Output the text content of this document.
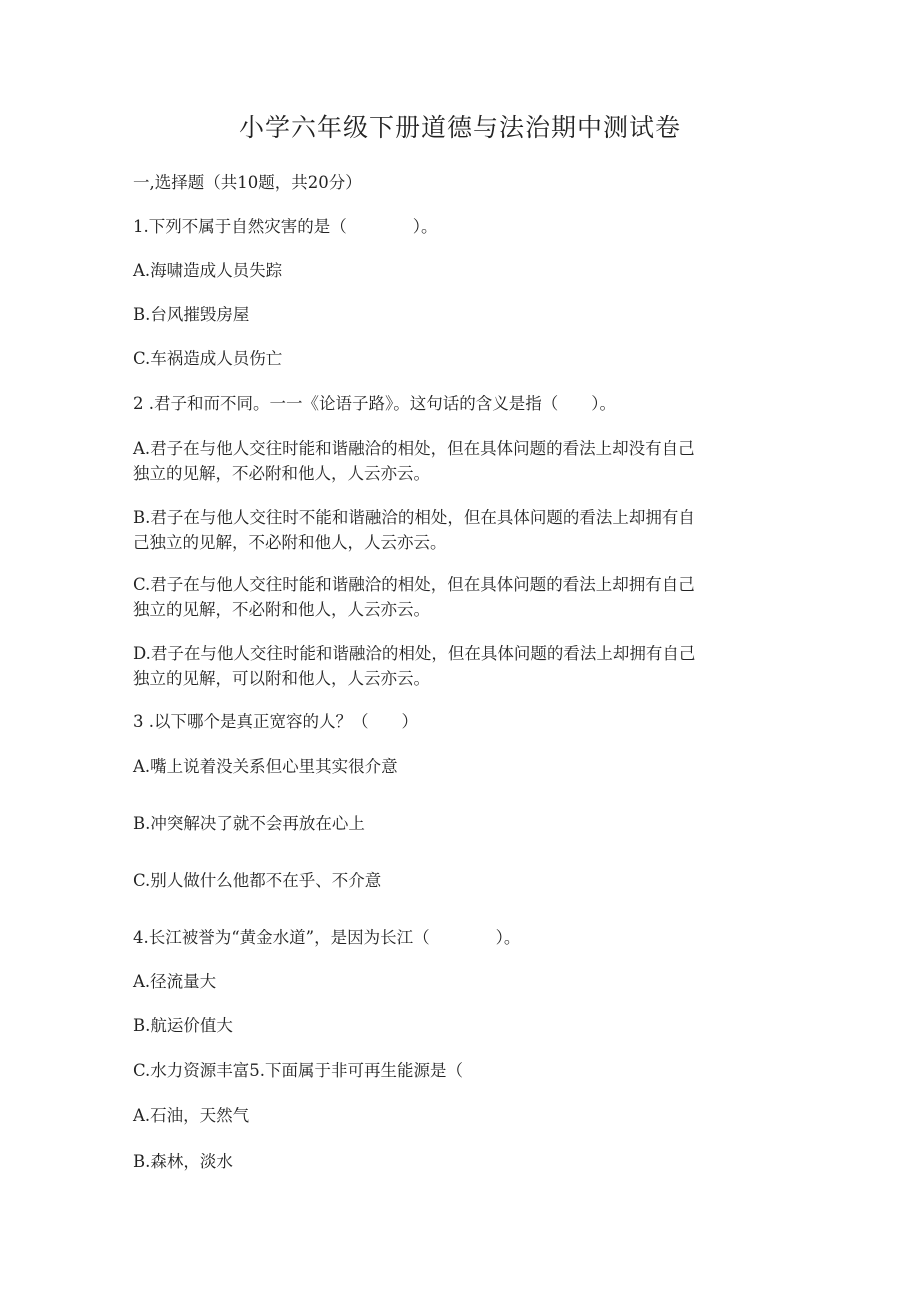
小学六年级下册道德与法治期中测试卷
一,选择题（共10题，共20分）
1.下列不属于自然灾害的是（　　　　）。
A.海啸造成人员失踪
B.台风摧毁房屋
C.车祸造成人员伤亡
2 .君子和而不同。一一《论语子路》。这句话的含义是指（　　）。
A.君子在与他人交往时能和谐融洽的相处，但在具体问题的看法上却没有自己
独立的见解，不必附和他人，人云亦云。
B.君子在与他人交往时不能和谐融洽的相处，但在具体问题的看法上却拥有自
己独立的见解，不必附和他人，人云亦云。
C.君子在与他人交往时能和谐融洽的相处，但在具体问题的看法上却拥有自己
独立的见解，不必附和他人，人云亦云。
D.君子在与他人交往时能和谐融洽的相处，但在具体问题的看法上却拥有自己
独立的见解，可以附和他人，人云亦云。
3 .以下哪个是真正宽容的人？（　　）
A.嘴上说着没关系但心里其实很介意
B.冲突解决了就不会再放在心上
C.别人做什么他都不在乎、不介意
4.长江被誉为“黄金水道”，是因为长江（　　　　）。
A.径流量大
B.航运价值大
C.水力资源丰富5.下面属于非可再生能源是（
A.石油，天然气
B.森林，淡水
